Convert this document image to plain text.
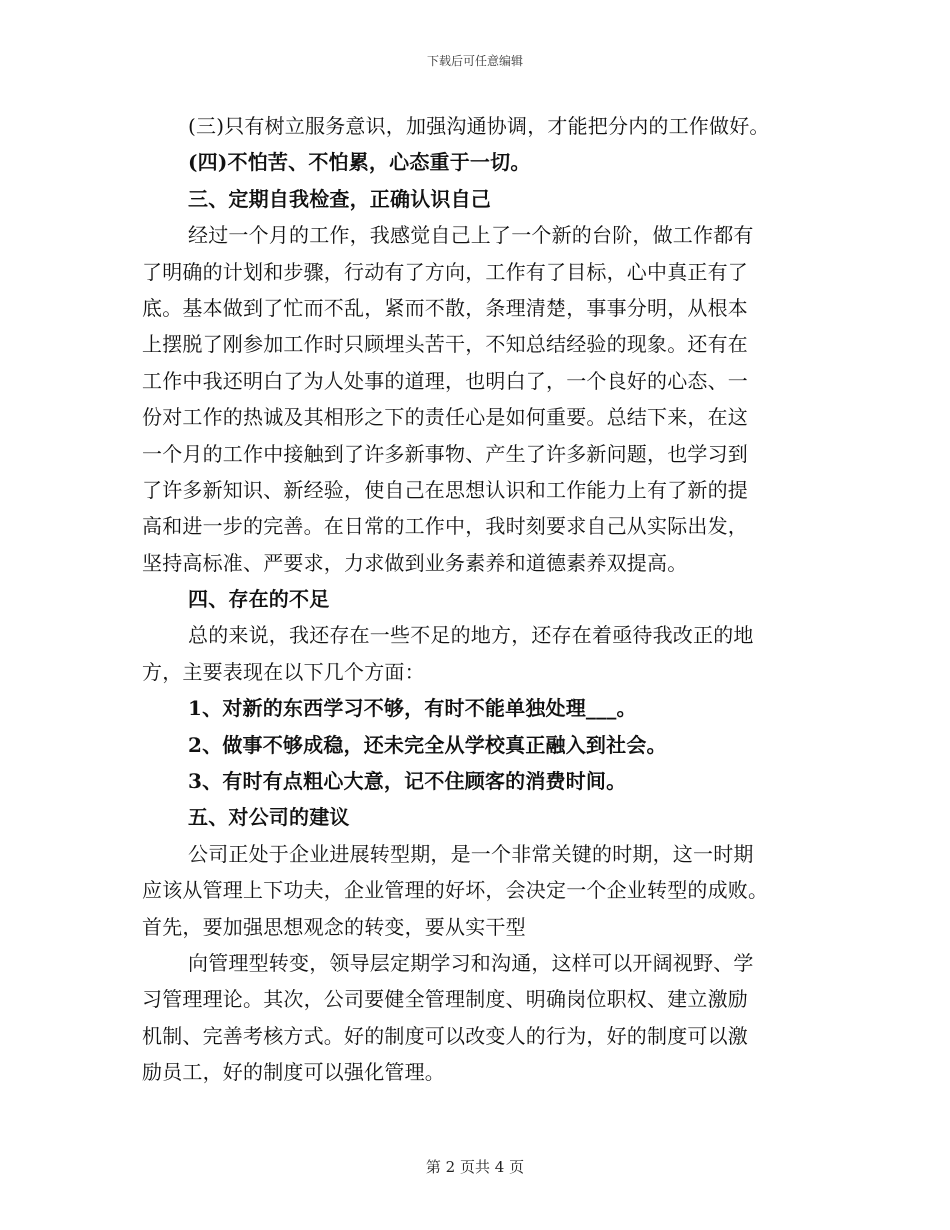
下载后可任意编辑
(三)只有树立服务意识，加强沟通协调，才能把分内的工作做好。
(四)不怕苦、不怕累，心态重于一切。
三、定期自我检查，正确认识自己
经过一个月的工作，我感觉自己上了一个新的台阶，做工作都有
了明确的计划和步骤，行动有了方向，工作有了目标，心中真正有了
底。基本做到了忙而不乱，紧而不散，条理清楚，事事分明，从根本
上摆脱了刚参加工作时只顾埋头苦干，不知总结经验的现象。还有在
工作中我还明白了为人处事的道理，也明白了，一个良好的心态、一
份对工作的热诚及其相形之下的责任心是如何重要。总结下来，在这
一个月的工作中接触到了许多新事物、产生了许多新问题，也学习到
了许多新知识、新经验，使自己在思想认识和工作能力上有了新的提
高和进一步的完善。在日常的工作中，我时刻要求自己从实际出发，
坚持高标准、严要求，力求做到业务素养和道德素养双提高。
四、存在的不足
总的来说，我还存在一些不足的地方，还存在着亟待我改正的地
方，主要表现在以下几个方面：
1、对新的东西学习不够，有时不能单独处理___。
2、做事不够成稳，还未完全从学校真正融入到社会。
3、有时有点粗心大意，记不住顾客的消费时间。
五、对公司的建议
公司正处于企业进展转型期，是一个非常关键的时期，这一时期
应该从管理上下功夫，企业管理的好坏，会决定一个企业转型的成败。
首先，要加强思想观念的转变，要从实干型
向管理型转变，领导层定期学习和沟通，这样可以开阔视野、学
习管理理论。其次，公司要健全管理制度、明确岗位职权、建立激励
机制、完善考核方式。好的制度可以改变人的行为，好的制度可以激
励员工，好的制度可以强化管理。
第 2 页共 4 页
